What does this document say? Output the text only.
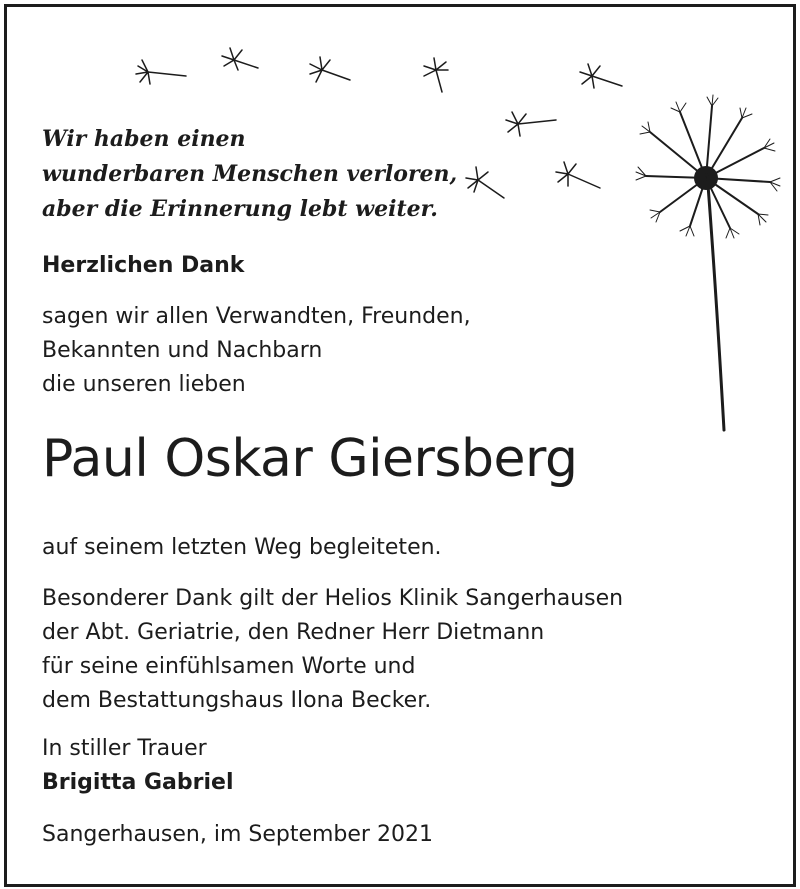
Wir haben einen
wunderbaren Menschen verloren,
aber die Erinnerung lebt weiter.
Herzlichen Dank
sagen wir allen Verwandten, Freunden,
Bekannten und Nachbarn
die unseren lieben
Paul Oskar Giersberg
auf seinem letzten Weg begleiteten.
Besonderer Dank gilt der Helios Klinik Sangerhausen
der Abt. Geriatrie, den Redner Herr Dietmann
für seine einfühlsamen Worte und
dem Bestattungshaus Ilona Becker.
In stiller Trauer
Brigitta Gabriel
Sangerhausen, im September 2021
